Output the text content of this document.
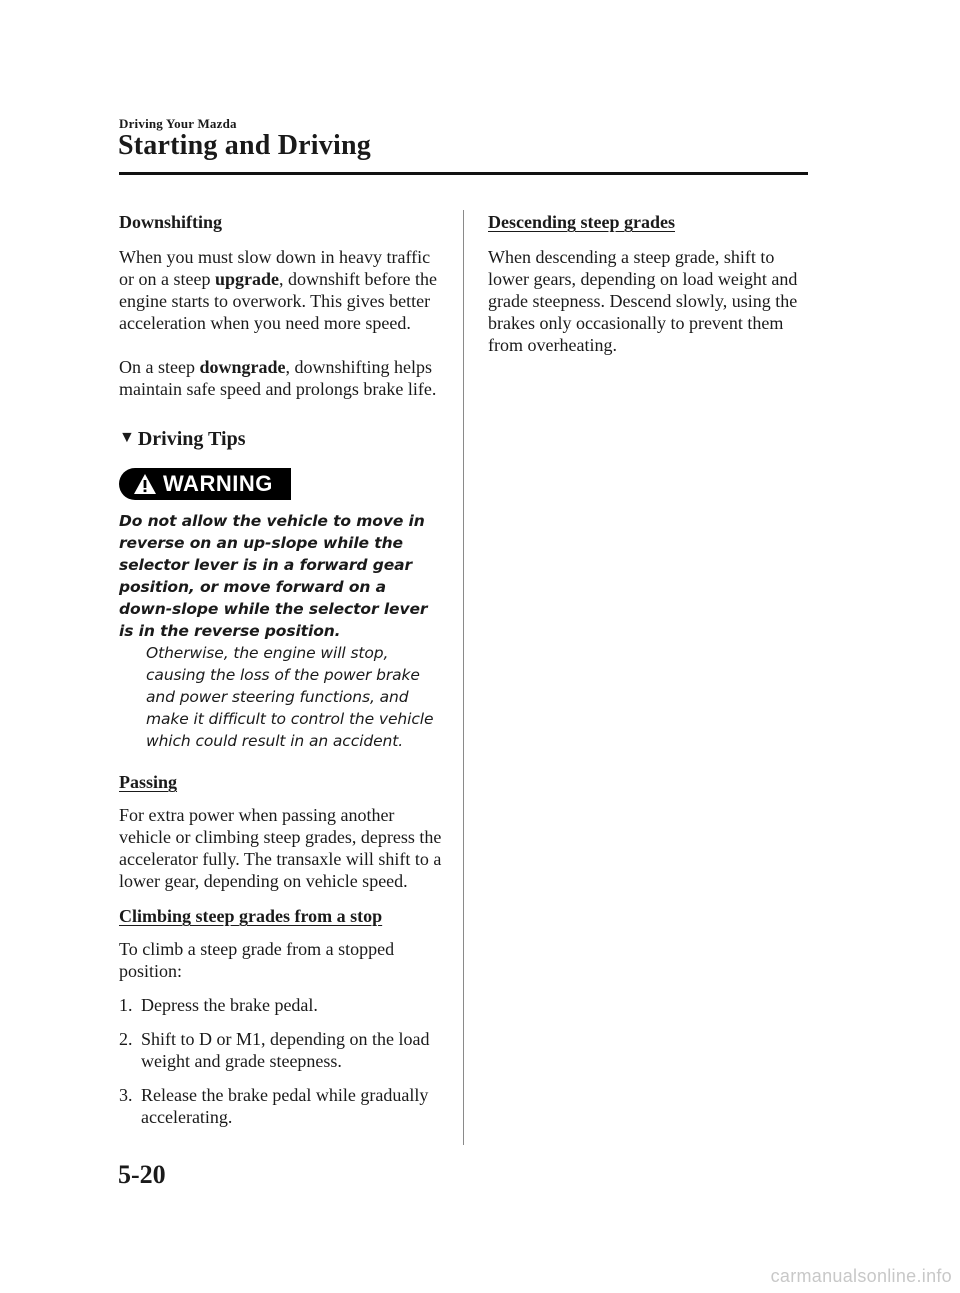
Driving Your Mazda
Starting and Driving

Downshifting

When you must slow down in heavy traffic or on a steep upgrade, downshift before the engine starts to overwork. This gives better acceleration when you need more speed.

On a steep downgrade, downshifting helps maintain safe speed and prolongs brake life.

▼ Driving Tips

WARNING

Do not allow the vehicle to move in reverse on an up-slope while the selector lever is in a forward gear position, or move forward on a down-slope while the selector lever is in the reverse position.

Otherwise, the engine will stop, causing the loss of the power brake and power steering functions, and make it difficult to control the vehicle which could result in an accident.

Passing

For extra power when passing another vehicle or climbing steep grades, depress the accelerator fully. The transaxle will shift to a lower gear, depending on vehicle speed.

Climbing steep grades from a stop

To climb a steep grade from a stopped position:

1. Depress the brake pedal.
2. Shift to D or M1, depending on the load weight and grade steepness.
3. Release the brake pedal while gradually accelerating.

Descending steep grades

When descending a steep grade, shift to lower gears, depending on load weight and grade steepness. Descend slowly, using the brakes only occasionally to prevent them from overheating.

5-20
carmanualsonline.info
